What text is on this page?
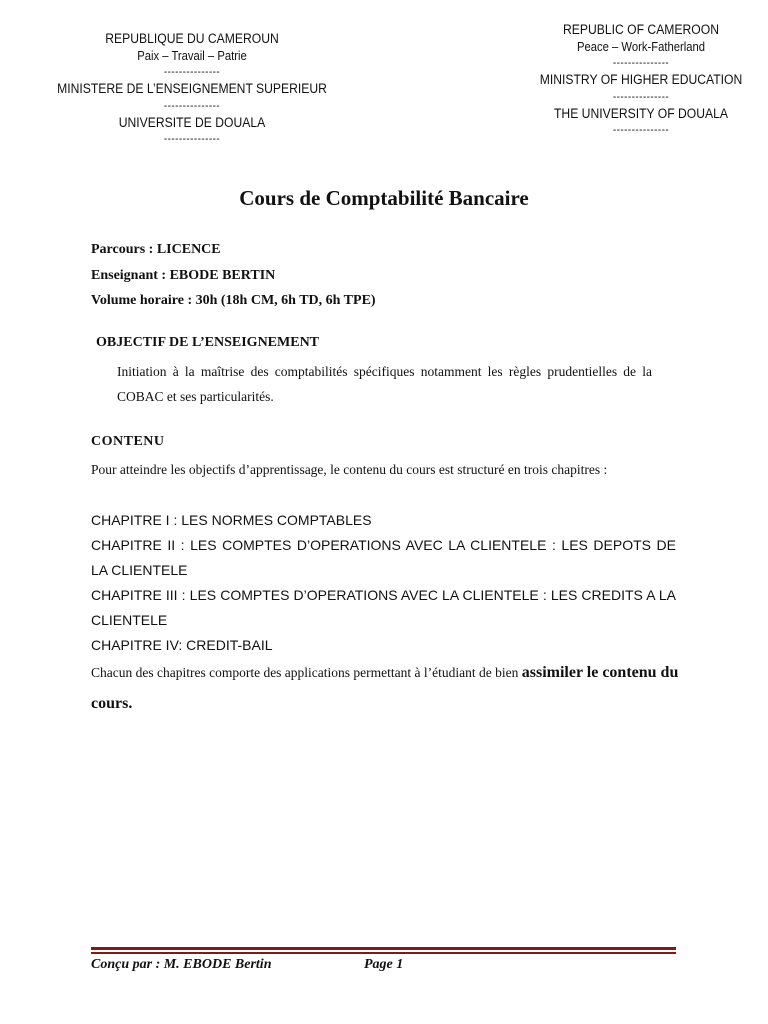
REPUBLIQUE DU CAMEROUN
Paix – Travail – Patrie
---------------
MINISTERE DE L’ENSEIGNEMENT SUPERIEUR
---------------
UNIVERSITE DE DOUALA
---------------
REPUBLIC OF CAMEROON
Peace – Work-Fatherland
---------------
MINISTRY OF HIGHER EDUCATION
---------------
THE UNIVERSITY OF DOUALA
---------------
Cours de Comptabilité Bancaire
Parcours : LICENCE
Enseignant : EBODE BERTIN
Volume horaire : 30h (18h CM, 6h TD, 6h TPE)
OBJECTIF DE L’ENSEIGNEMENT
Initiation à la maîtrise des comptabilités spécifiques notamment les règles prudentielles de la COBAC et ses particularités.
CONTENU
Pour atteindre les objectifs d’apprentissage, le contenu du cours est structuré en trois chapitres :
CHAPITRE I : LES NORMES COMPTABLES
CHAPITRE II : LES COMPTES D’OPERATIONS AVEC LA CLIENTELE : LES DEPOTS DE LA CLIENTELE
CHAPITRE III : LES COMPTES D’OPERATIONS AVEC LA CLIENTELE : LES CREDITS A LA CLIENTELE
CHAPITRE IV: CREDIT-BAIL
Chacun des chapitres comporte des applications permettant à l’étudiant de bien assimiler le contenu du cours.
Conçu par : M. EBODE Bertin	Page 1
